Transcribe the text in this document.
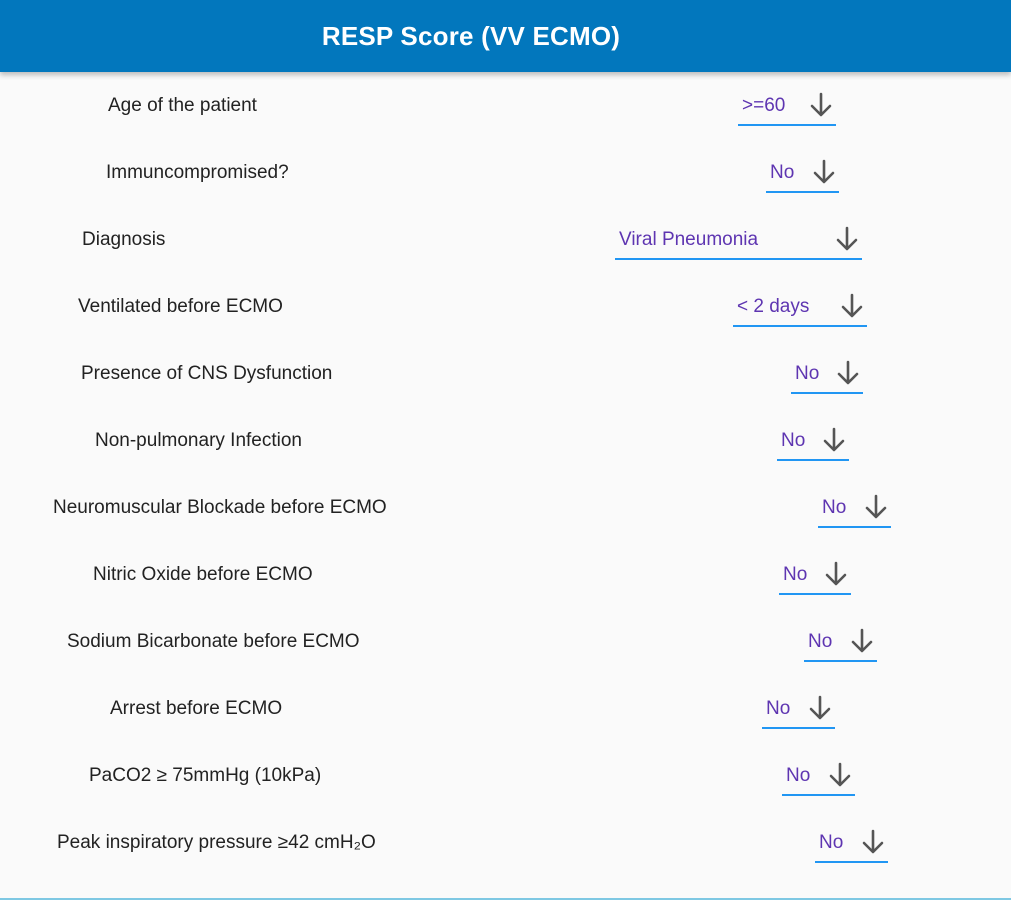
RESP Score (VV ECMO)
Age of the patient	>=60
Immuncompromised?	No
Diagnosis	Viral Pneumonia
Ventilated before ECMO	< 2 days
Presence of CNS Dysfunction	No
Non-pulmonary Infection	No
Neuromuscular Blockade before ECMO	No
Nitric Oxide before ECMO	No
Sodium Bicarbonate before ECMO	No
Arrest before ECMO	No
PaCO2 ≥ 75mmHg (10kPa)	No
Peak inspiratory pressure ≥42 cmH₂O	No
